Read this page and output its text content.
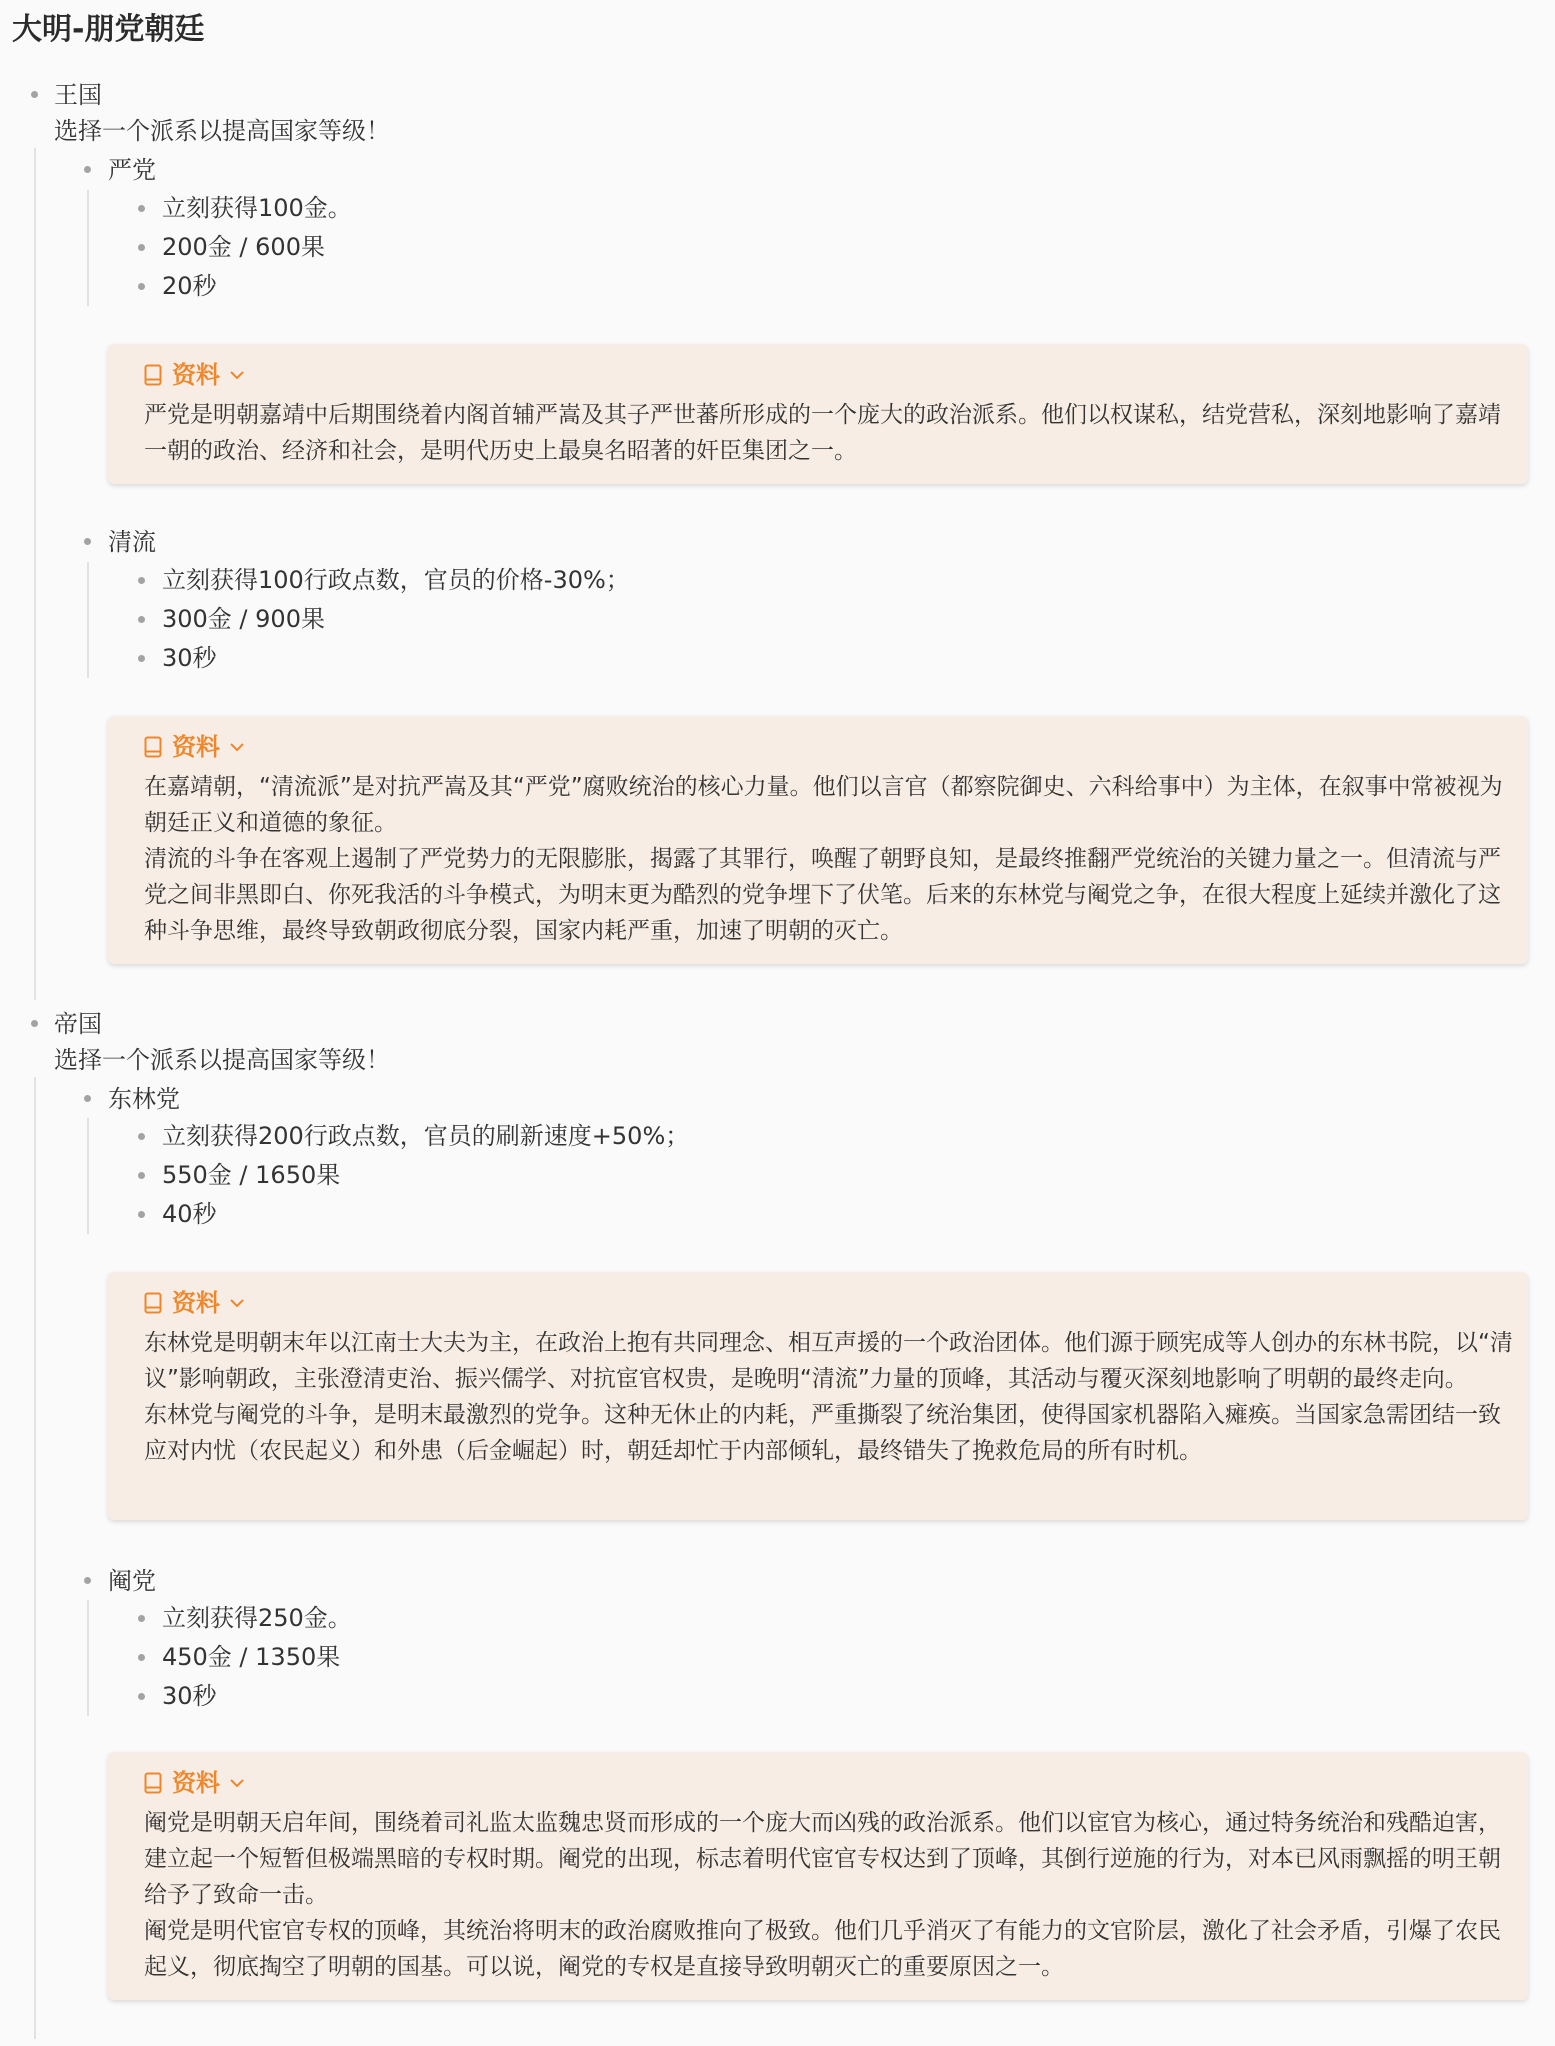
大明-朋党朝廷
王国
选择一个派系以提高国家等级！
严党
立刻获得100金。
200金 / 600果
20秒
资料
严党是明朝嘉靖中后期围绕着内阁首辅严嵩及其子严世蕃所形成的一个庞大的政治派系。他们以权谋私，结党营私，深刻地影响了嘉靖一朝的政治、经济和社会，是明代历史上最臭名昭著的奸臣集团之一。
清流
立刻获得100行政点数，官员的价格-30%；
300金 / 900果
30秒
资料
在嘉靖朝，“清流派”是对抗严嵩及其“严党”腐败统治的核心力量。他们以言官（都察院御史、六科给事中）为主体，在叙事中常被视为朝廷正义和道德的象征。
清流的斗争在客观上遏制了严党势力的无限膨胀，揭露了其罪行，唤醒了朝野良知，是最终推翻严党统治的关键力量之一。但清流与严党之间非黑即白、你死我活的斗争模式，为明末更为酷烈的党争埋下了伏笔。后来的东林党与阉党之争，在很大程度上延续并激化了这种斗争思维，最终导致朝政彻底分裂，国家内耗严重，加速了明朝的灭亡。
帝国
选择一个派系以提高国家等级！
东林党
立刻获得200行政点数，官员的刷新速度+50%；
550金 / 1650果
40秒
资料
东林党是明朝末年以江南士大夫为主，在政治上抱有共同理念、相互声援的一个政治团体。他们源于顾宪成等人创办的东林书院，以“清议”影响朝政，主张澄清吏治、振兴儒学、对抗宦官权贵，是晚明“清流”力量的顶峰，其活动与覆灭深刻地影响了明朝的最终走向。
东林党与阉党的斗争，是明末最激烈的党争。这种无休止的内耗，严重撕裂了统治集团，使得国家机器陷入瘫痪。当国家急需团结一致应对内忧（农民起义）和外患（后金崛起）时，朝廷却忙于内部倾轧，最终错失了挽救危局的所有时机。
阉党
立刻获得250金。
450金 / 1350果
30秒
资料
阉党是明朝天启年间，围绕着司礼监太监魏忠贤而形成的一个庞大而凶残的政治派系。他们以宦官为核心，通过特务统治和残酷迫害，建立起一个短暂但极端黑暗的专权时期。阉党的出现，标志着明代宦官专权达到了顶峰，其倒行逆施的行为，对本已风雨飘摇的明王朝给予了致命一击。
阉党是明代宦官专权的顶峰，其统治将明末的政治腐败推向了极致。他们几乎消灭了有能力的文官阶层，激化了社会矛盾，引爆了农民起义，彻底掏空了明朝的国基。可以说，阉党的专权是直接导致明朝灭亡的重要原因之一。
